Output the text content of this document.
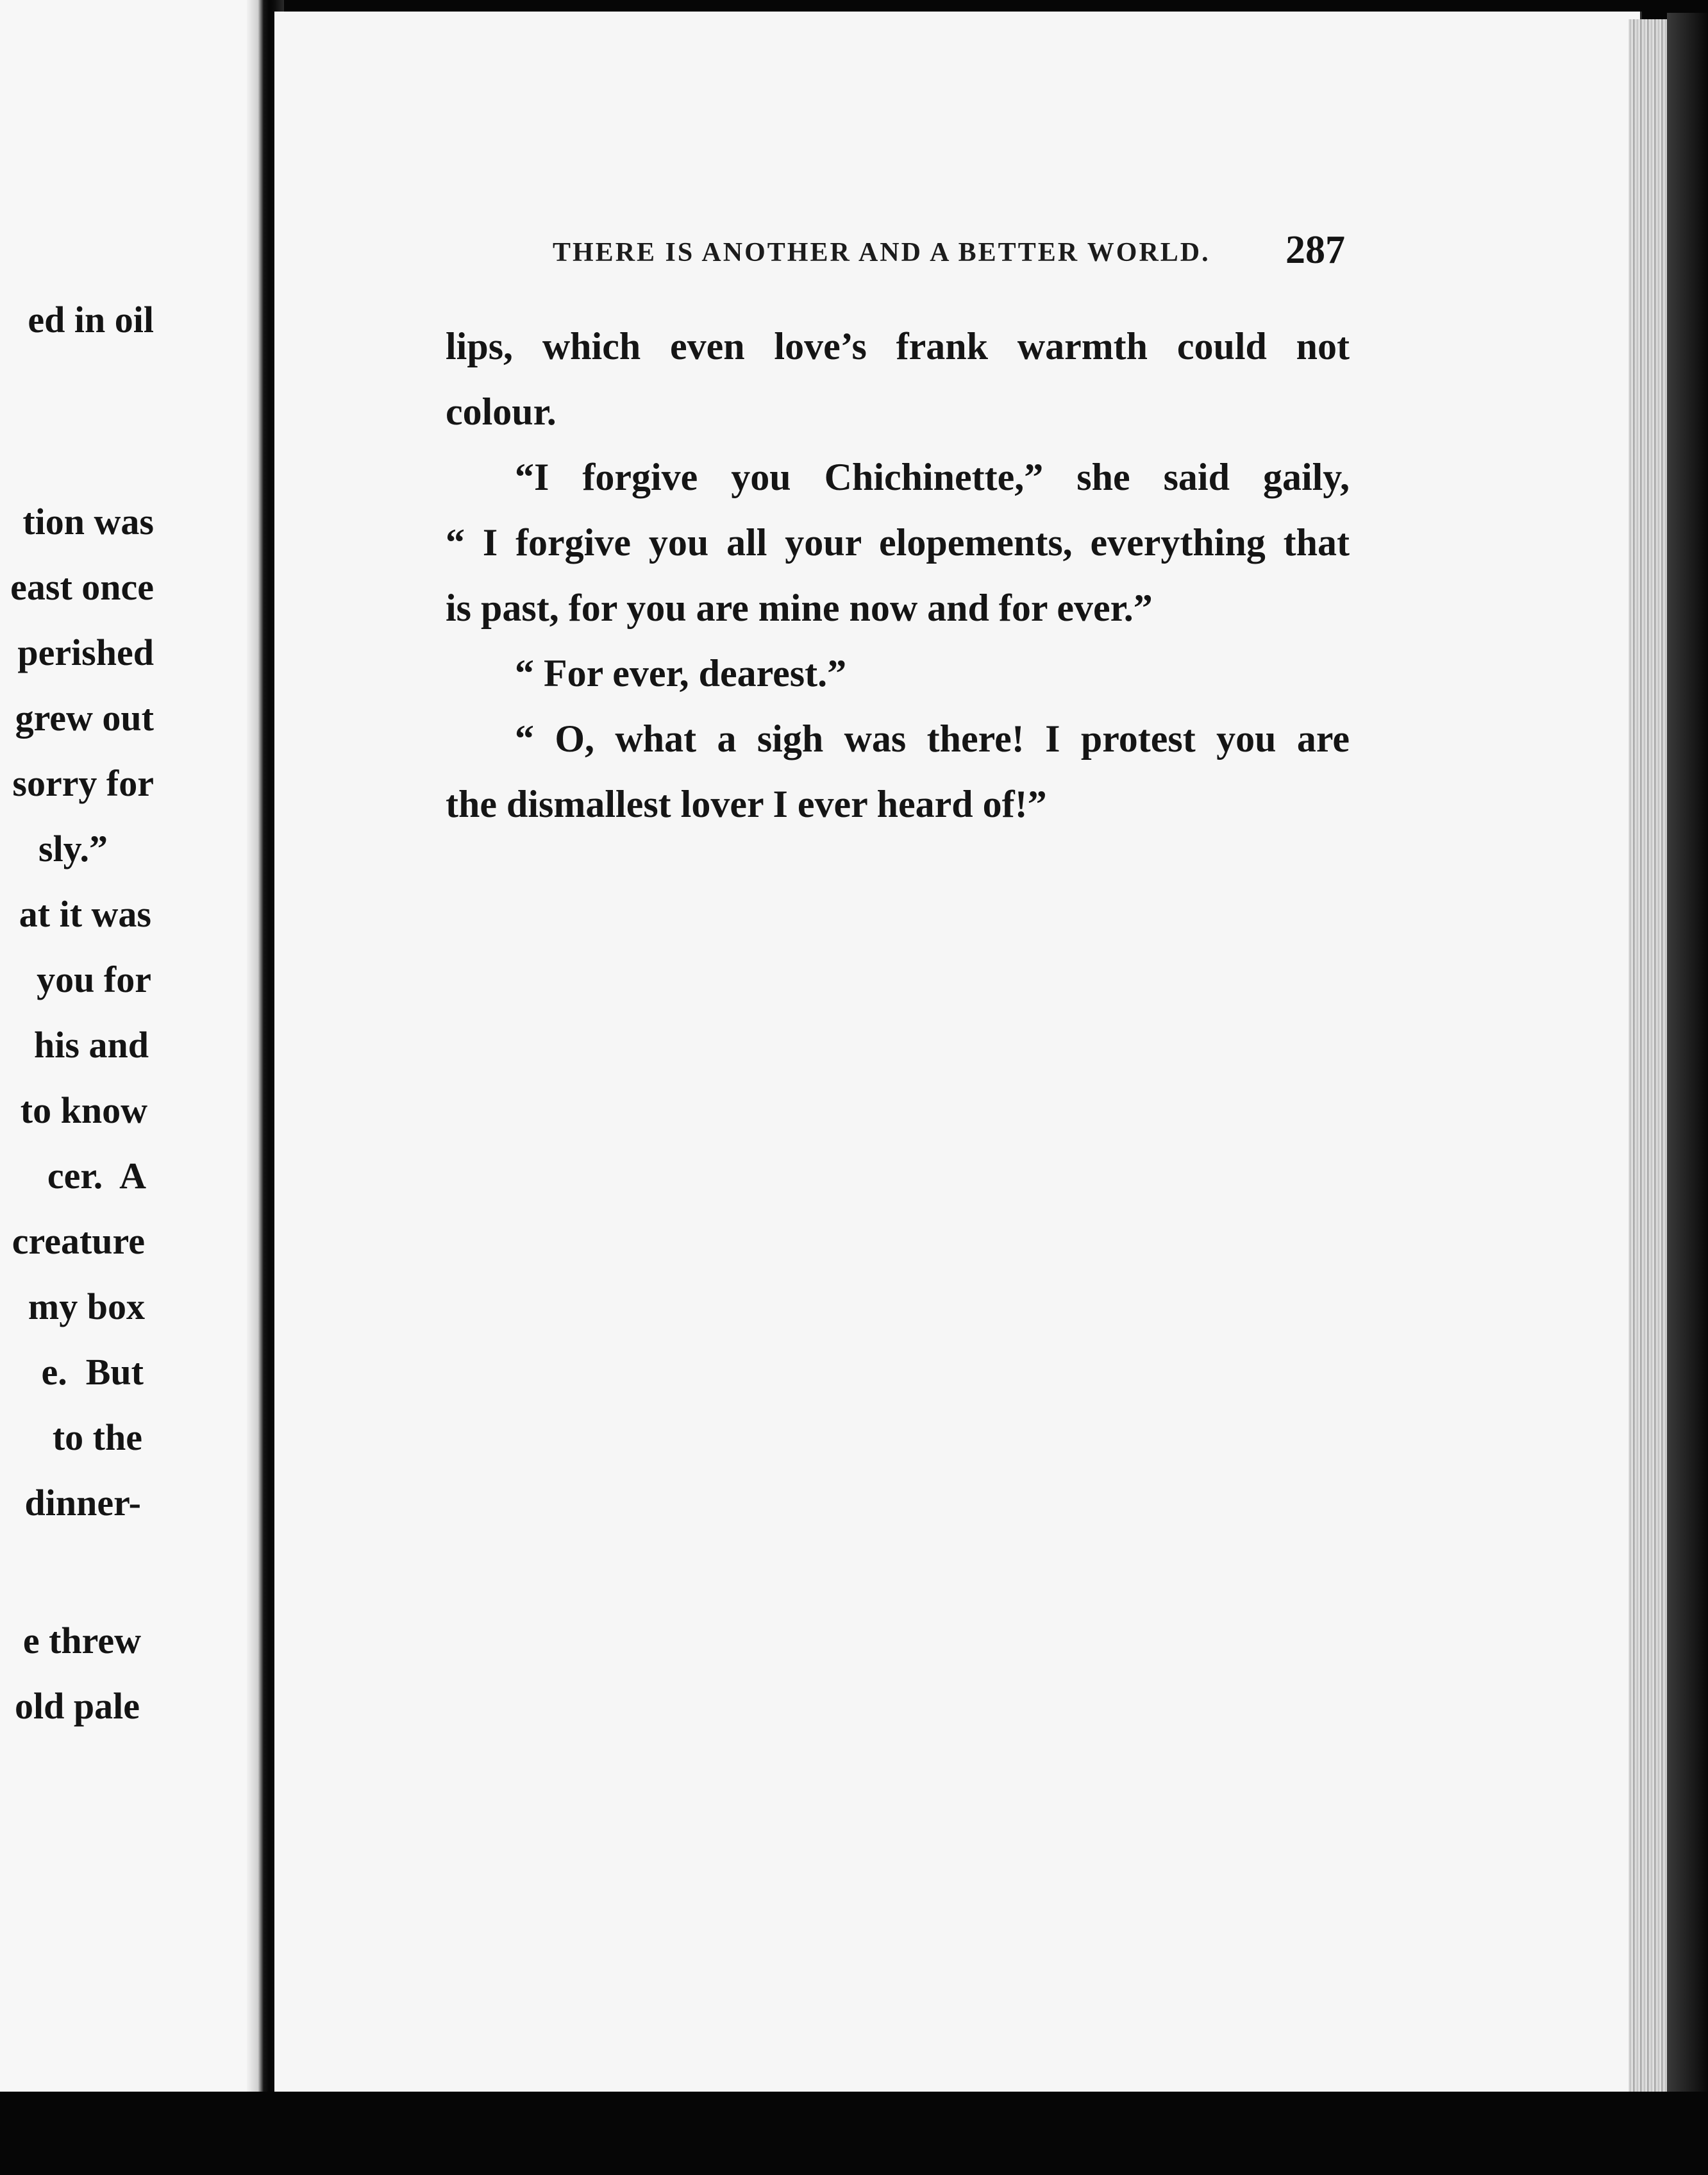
ed in oil
tion was
east once
perished
grew out
sorry for
sly.”
at it was
you for
his and
to know
cer.  A
creature
my box
e.  But
to the
dinner-
e threw
old pale
THERE IS ANOTHER AND A BETTER WORLD. 287
lips, which even love’s frank warmth could not
colour.
“I forgive you Chichinette,” she said gaily,
“ I forgive you all your elopements, everything that
is past, for you are mine now and for ever.”
“ For ever, dearest.”
“ O, what a sigh was there! I protest you are
the dismallest lover I ever heard of!”
